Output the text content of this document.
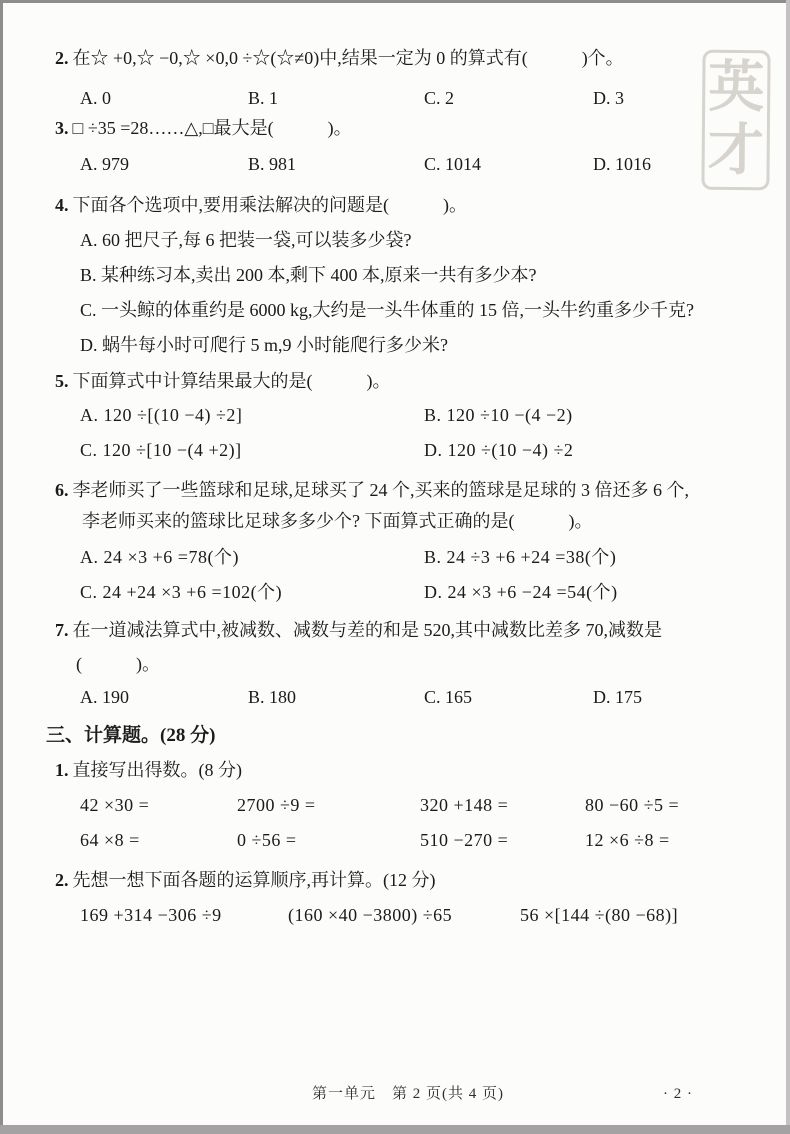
英才
2. 在☆ +0,☆ −0,☆ ×0,0 ÷☆(☆≠0)中,结果一定为 0 的算式有(　　　)个。
A. 0	B. 1	C. 2	D. 3
3. □ ÷35 =28……△,□最大是(　　　)。
A. 979	B. 981	C. 1014	D. 1016
4. 下面各个选项中,要用乘法解决的问题是(　　　)。
A. 60 把尺子,每 6 把装一袋,可以装多少袋?
B. 某种练习本,卖出 200 本,剩下 400 本,原来一共有多少本?
C. 一头鲸的体重约是 6000 kg,大约是一头牛体重的 15 倍,一头牛约重多少千克?
D. 蜗牛每小时可爬行 5 m,9 小时能爬行多少米?
5. 下面算式中计算结果最大的是(　　　)。
A. 120 ÷[(10 −4) ÷2]	B. 120 ÷10 −(4 −2)
C. 120 ÷[10 −(4 +2)]	D. 120 ÷(10 −4) ÷2
6. 李老师买了一些篮球和足球,足球买了 24 个,买来的篮球是足球的 3 倍还多 6 个,
李老师买来的篮球比足球多多少个? 下面算式正确的是(　　　)。
A. 24 ×3 +6 =78(个)	B. 24 ÷3 +6 +24 =38(个)
C. 24 +24 ×3 +6 =102(个)	D. 24 ×3 +6 −24 =54(个)
7. 在一道减法算式中,被减数、减数与差的和是 520,其中减数比差多 70,减数是
(　　　)。
A. 190	B. 180	C. 165	D. 175
三、计算题。(28 分)
1. 直接写出得数。(8 分)
42 ×30 =	2700 ÷9 =	320 +148 =	80 −60 ÷5 =
64 ×8 =	0 ÷56 =	510 −270 =	12 ×6 ÷8 =
2. 先想一想下面各题的运算顺序,再计算。(12 分)
169 +314 −306 ÷9	(160 ×40 −3800) ÷65	56 ×[144 ÷(80 −68)]
第一单元　第 2 页(共 4 页)	· 2 ·
